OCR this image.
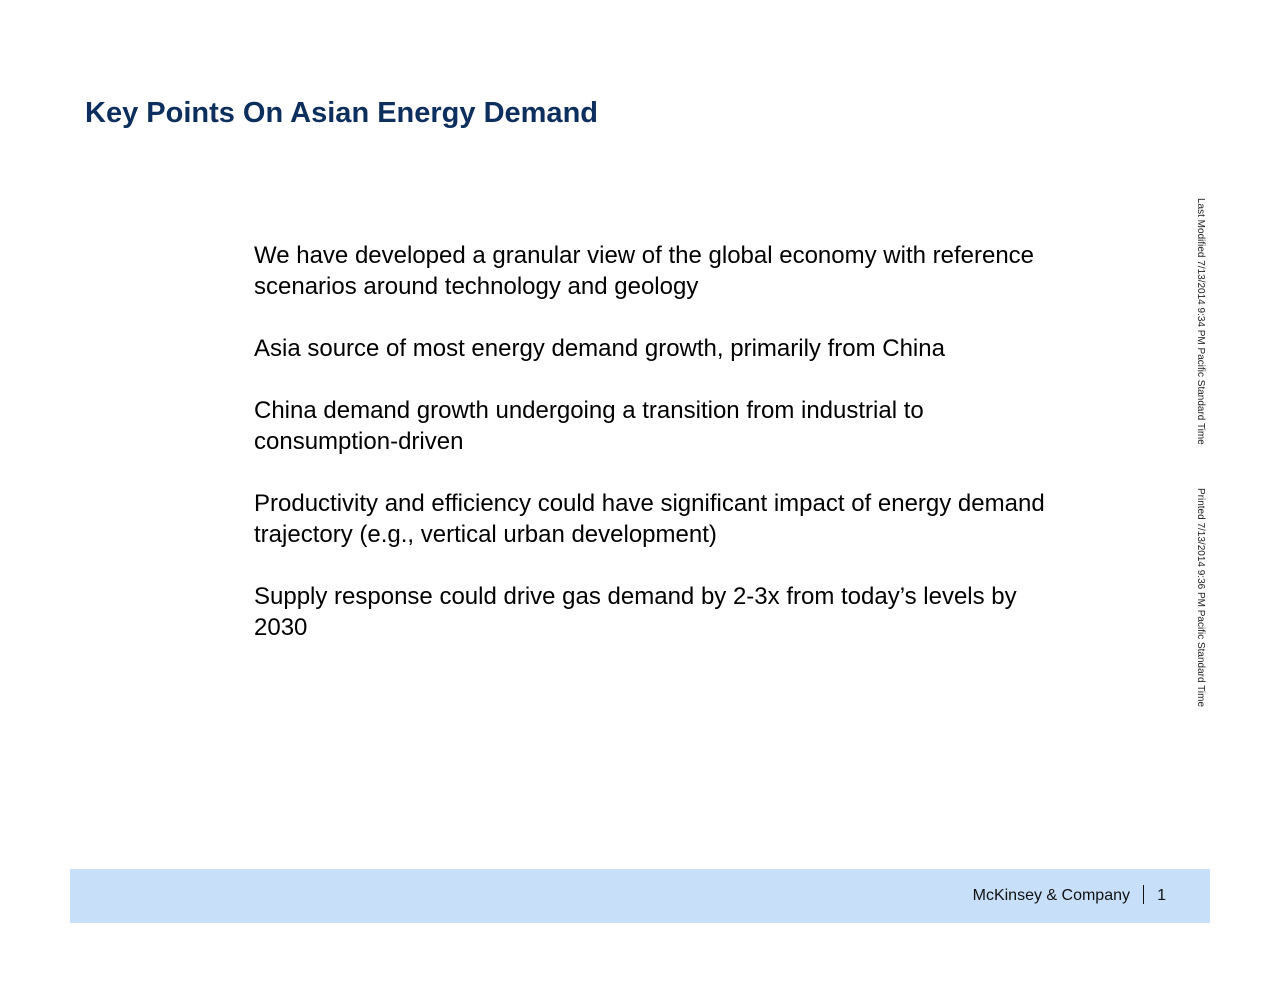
Key Points On Asian Energy Demand
We have developed a granular view of the global economy with reference scenarios around technology and geology
Asia source of most energy demand growth, primarily from China
China demand growth undergoing a transition from industrial to consumption-driven
Productivity and efficiency could have significant impact of energy demand trajectory (e.g., vertical urban development)
Supply response could drive gas demand by 2-3x from today’s levels by 2030
Last Modified 7/13/2014 9:34 PM Pacific Standard Time
Printed 7/13/2014 9:36 PM Pacific Standard Time
McKinsey & Company 1
